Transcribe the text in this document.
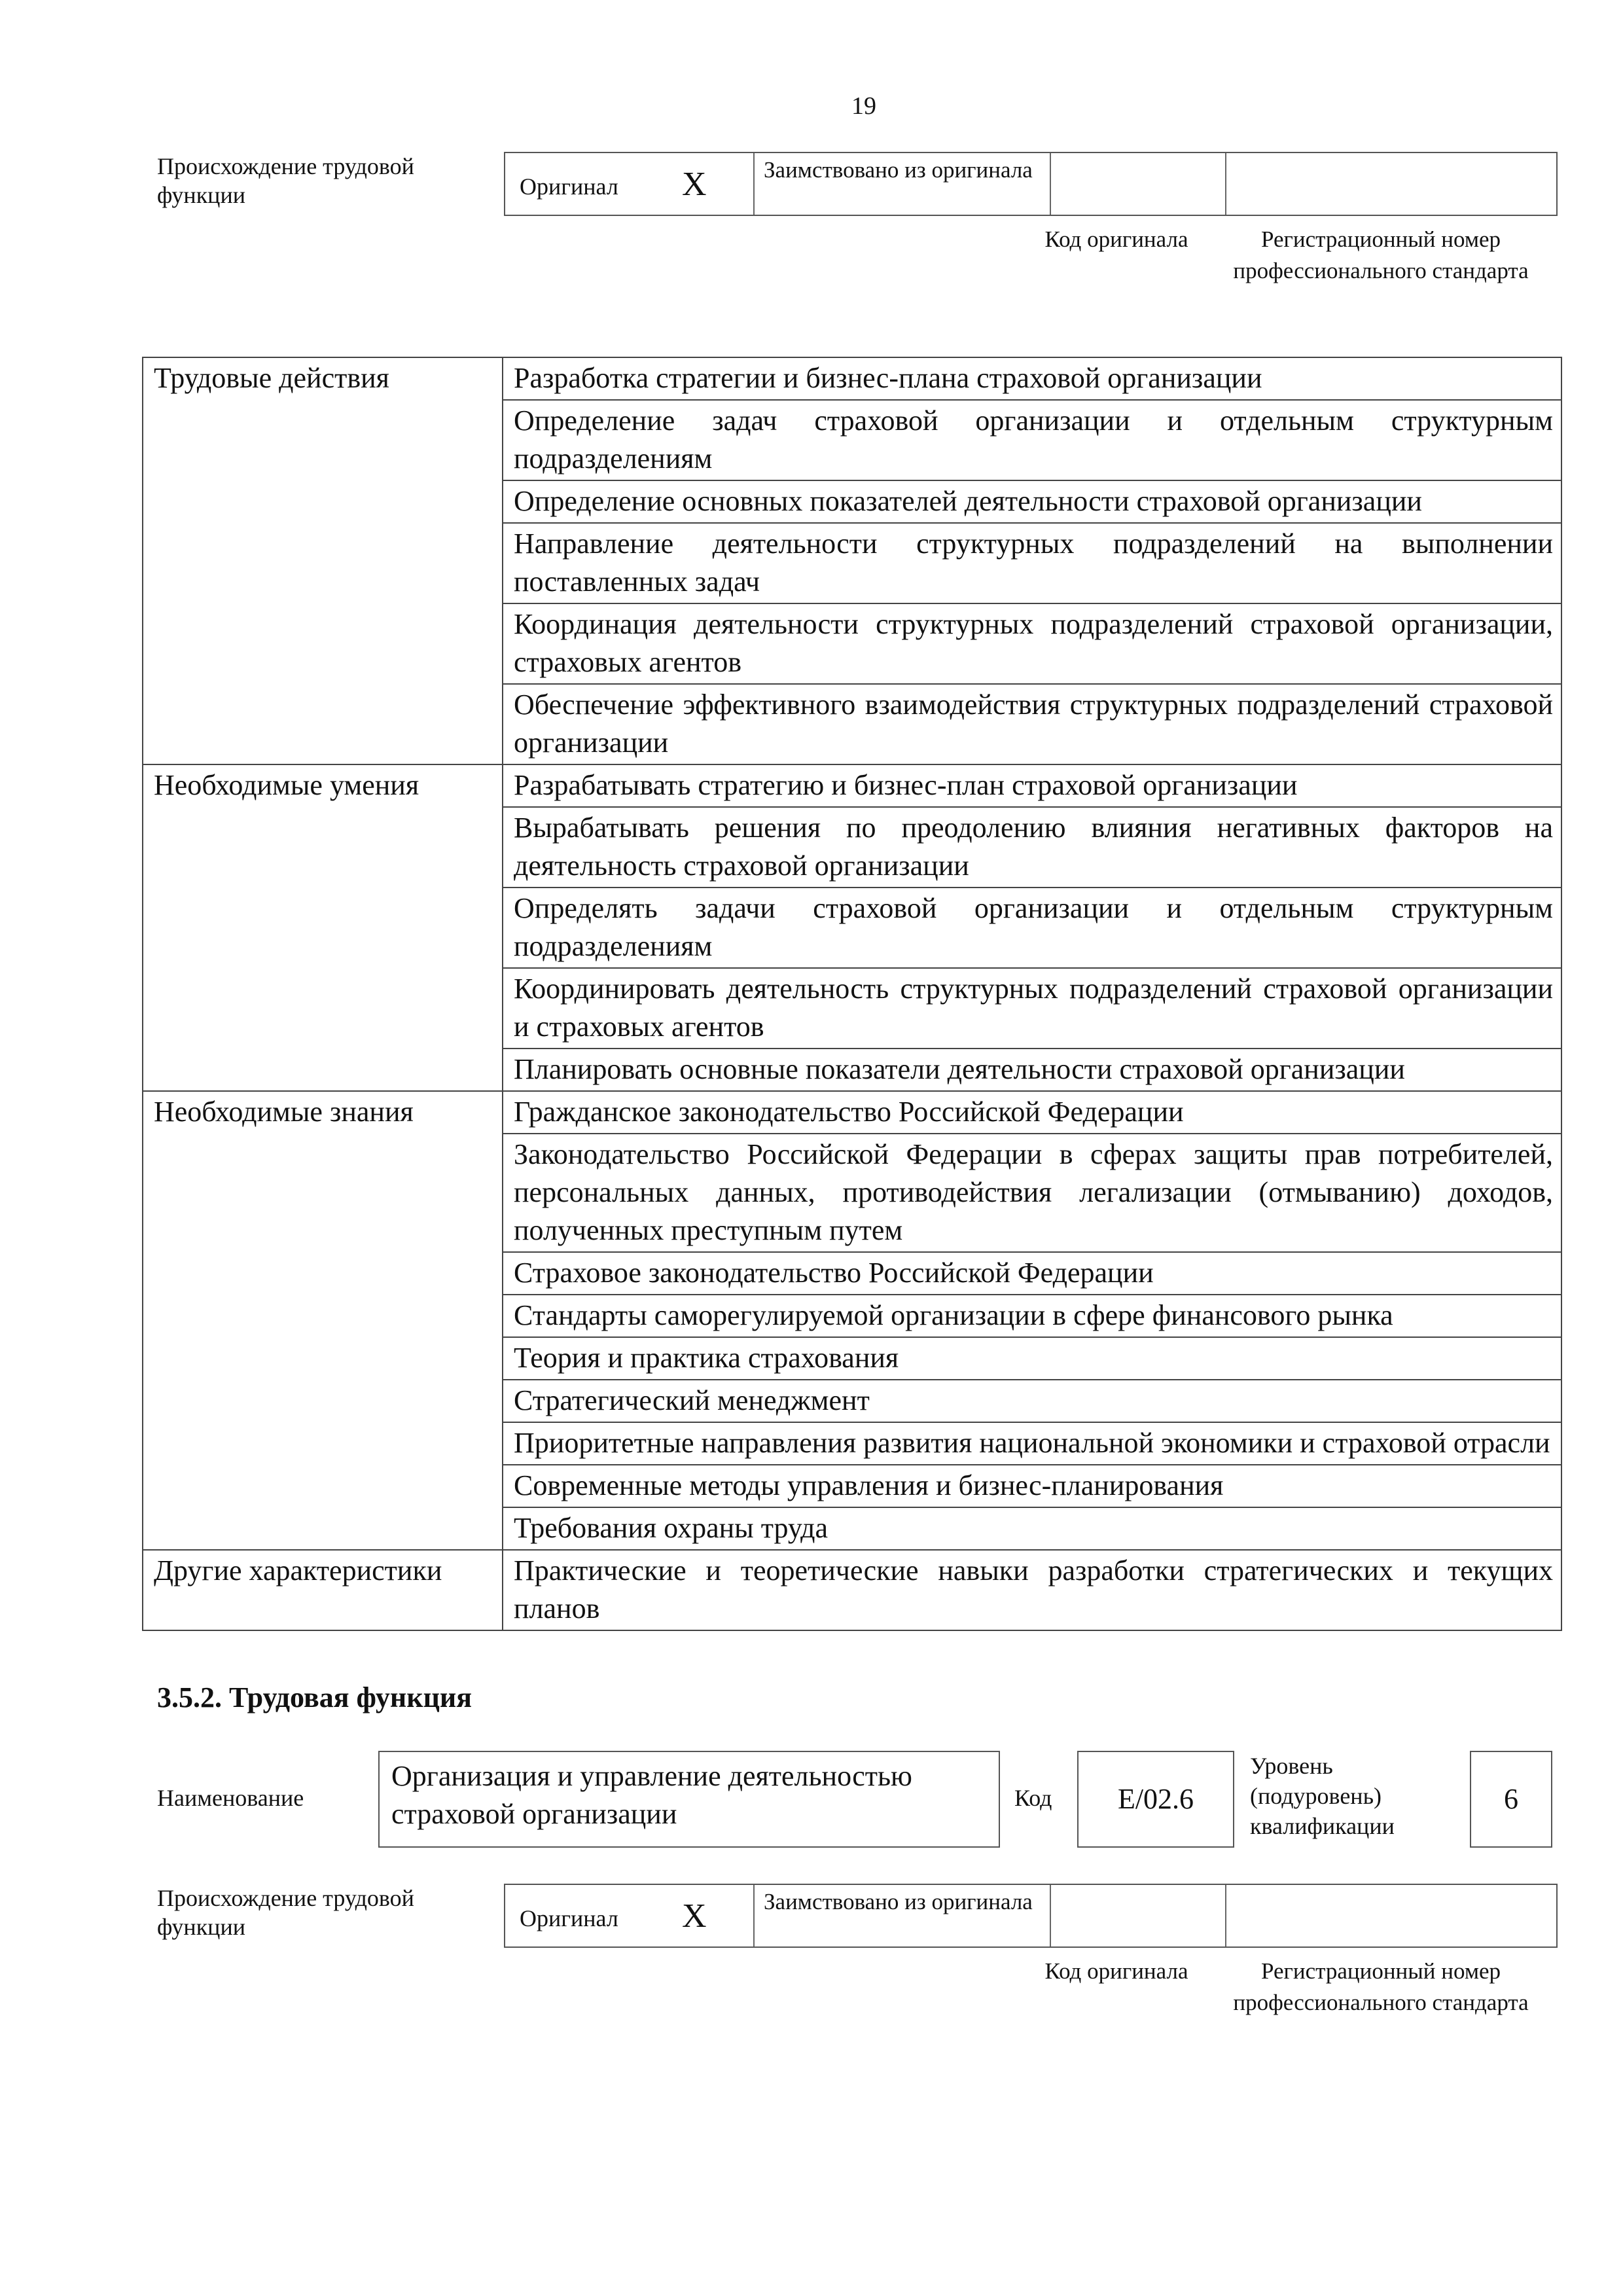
19
Происхождение трудовой функции	Оригинал X Заимствовано из оригинала
Код оригинала	Регистрационный номер профессионального стандарта
Трудовые действия	Разработка стратегии и бизнес-плана страховой организации
	Определение задач страховой организации и отдельным структурным подразделениям
	Определение основных показателей деятельности страховой организации
	Направление деятельности структурных подразделений на выполнении поставленных задач
	Координация деятельности структурных подразделений страховой организации, страховых агентов
	Обеспечение эффективного взаимодействия структурных подразделений страховой организации
Необходимые умения	Разрабатывать стратегию и бизнес-план страховой организации
	Вырабатывать решения по преодолению влияния негативных факторов на деятельность страховой организации
	Определять задачи страховой организации и отдельным структурным подразделениям
	Координировать деятельность структурных подразделений страховой организации и страховых агентов
	Планировать основные показатели деятельности страховой организации
Необходимые знания	Гражданское законодательство Российской Федерации
	Законодательство Российской Федерации в сферах защиты прав потребителей, персональных данных, противодействия легализации (отмыванию) доходов, полученных преступным путем
	Страховое законодательство Российской Федерации
	Стандарты саморегулируемой организации в сфере финансового рынка
	Теория и практика страхования
	Стратегический менеджмент
	Приоритетные направления развития национальной экономики и страховой отрасли
	Современные методы управления и бизнес-планирования
	Требования охраны труда
Другие характеристики	Практические и теоретические навыки разработки стратегических и текущих планов
3.5.2. Трудовая функция
Наименование
Организация и управление деятельностью страховой организации	Код	E/02.6
Уровень (подуровень) квалификации
6
Происхождение трудовой функции	Оригинал X Заимствовано из оригинала
Код оригинала	Регистрационный номер профессионального стандарта
